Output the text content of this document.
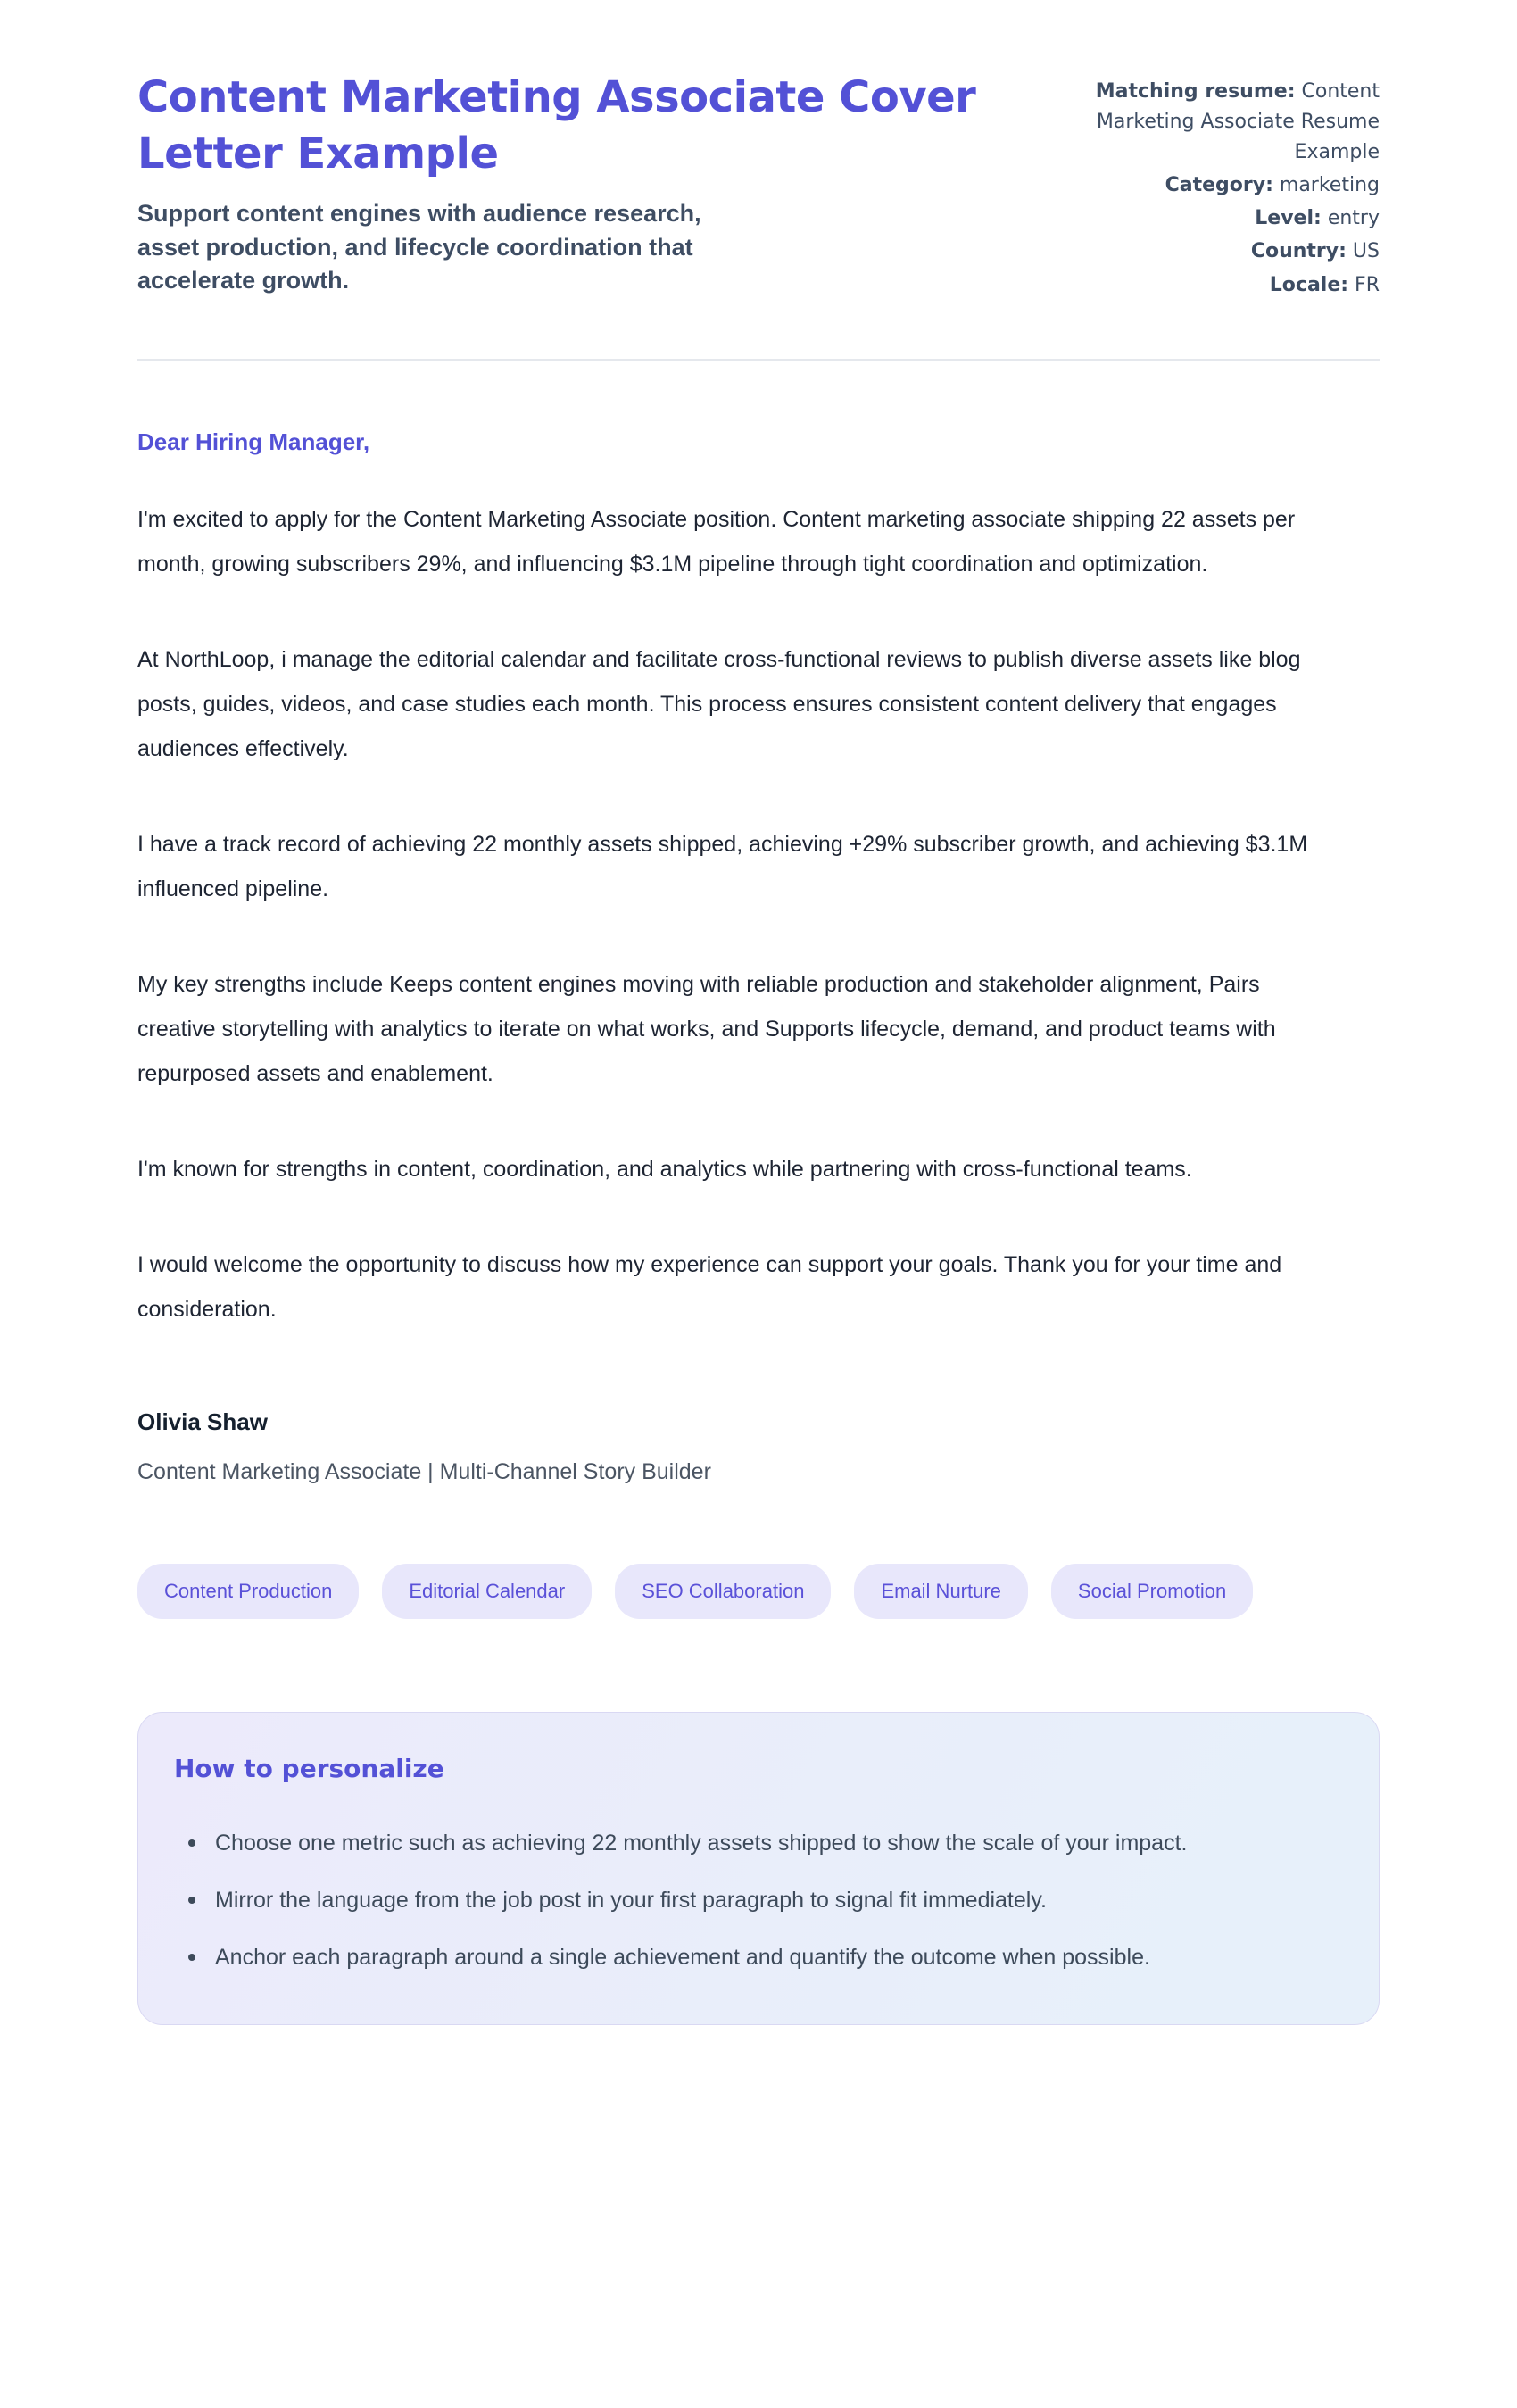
Content Marketing Associate Cover Letter Example

Support content engines with audience research, asset production, and lifecycle coordination that accelerate growth.

Matching resume: Content Marketing Associate Resume Example
Category: marketing
Level: entry
Country: US
Locale: FR

Dear Hiring Manager,

I'm excited to apply for the Content Marketing Associate position. Content marketing associate shipping 22 assets per month, growing subscribers 29%, and influencing $3.1M pipeline through tight coordination and optimization.

At NorthLoop, i manage the editorial calendar and facilitate cross-functional reviews to publish diverse assets like blog posts, guides, videos, and case studies each month. This process ensures consistent content delivery that engages audiences effectively.

I have a track record of achieving 22 monthly assets shipped, achieving +29% subscriber growth, and achieving $3.1M influenced pipeline.

My key strengths include Keeps content engines moving with reliable production and stakeholder alignment, Pairs creative storytelling with analytics to iterate on what works, and Supports lifecycle, demand, and product teams with repurposed assets and enablement.

I'm known for strengths in content, coordination, and analytics while partnering with cross-functional teams.

I would welcome the opportunity to discuss how my experience can support your goals. Thank you for your time and consideration.

Olivia Shaw
Content Marketing Associate | Multi-Channel Story Builder
Content Production	Editorial Calendar	SEO Collaboration	Email Nurture	Social Promotion
How to personalize
Choose one metric such as achieving 22 monthly assets shipped to show the scale of your impact.
Mirror the language from the job post in your first paragraph to signal fit immediately.
Anchor each paragraph around a single achievement and quantify the outcome when possible.
